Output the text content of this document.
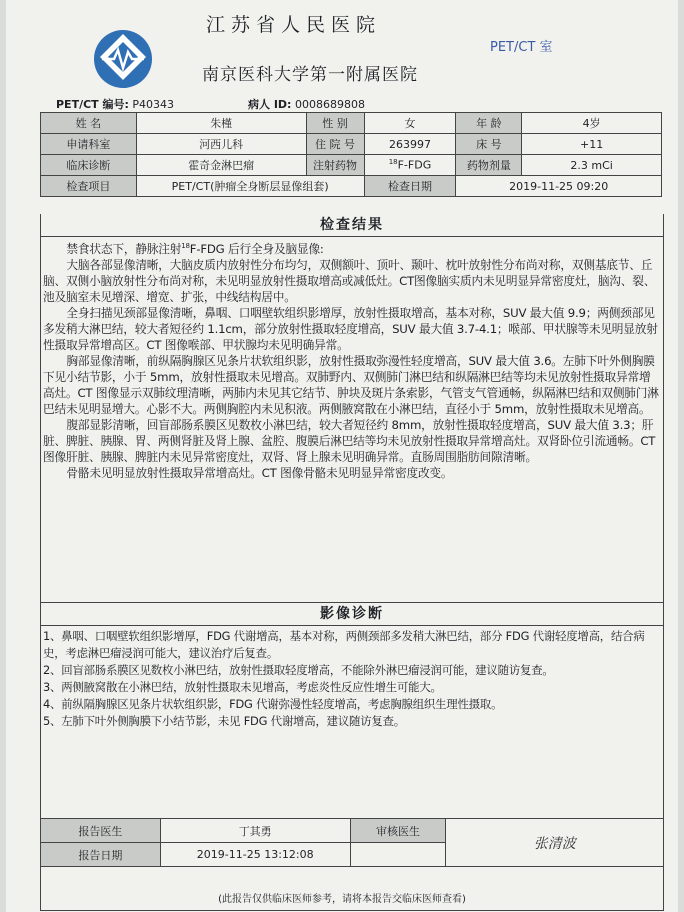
江苏省人民医院
PET/CT 室
南京医科大学第一附属医院
PET/CT 编号: P40343	病人 ID: 0008689808
姓 名	朱槿	性 别	女	年 龄	4岁
申请科室	河西儿科	住 院 号	263997	床 号	+11
临床诊断	霍奇金淋巴瘤	注射药物	$^{18}$F-FDG	药物剂量	2.3 mCi
检查项目	PET/CT(肿瘤全身断层显像组套)		检查日期	2019-11-25 09:20	
检查结果

禁食状态下，静脉注射$^{18}$F-FDG 后行全身及脑显像:

大脑各部显像清晰，大脑皮质内放射性分布均匀，双侧额叶、顶叶、颞叶、枕叶放射性分布尚对称，双侧基底节、丘脑、双侧小脑放射性分布尚对称，未见明显放射性摄取增高或减低灶。CT图像脑实质内未见明显异常密度灶，脑沟、裂、池及脑室未见增深、增宽、扩张，中线结构居中。

全身扫描见颈部显像清晰，鼻咽、口咽壁软组织影增厚，放射性摄取增高，基本对称，SUV 最大值 9.9；两侧颈部见多发稍大淋巴结，较大者短径约 1.1cm，部分放射性摄取轻度增高，SUV 最大值 3.7-4.1；喉部、甲状腺等未见明显放射性摄取异常增高区。CT 图像喉部、甲状腺均未见明确异常。

胸部显像清晰，前纵隔胸腺区见条片状软组织影，放射性摄取弥漫性轻度增高，SUV 最大值 3.6。左肺下叶外侧胸膜下见小结节影，小于 5mm，放射性摄取未见增高。双肺野内、双侧肺门淋巴结和纵隔淋巴结等均未见放射性摄取异常增高灶。CT 图像显示双肺纹理清晰，两肺内未见其它结节、肿块及斑片条索影，气管支气管通畅，纵隔淋巴结和双侧肺门淋巴结未见明显增大。心影不大。两侧胸腔内未见积液。两侧腋窝散在小淋巴结，直径小于 5mm，放射性摄取未见增高。

腹部显影清晰，回盲部肠系膜区见数枚小淋巴结，较大者短径约 8mm，放射性摄取轻度增高，SUV 最大值 3.3；肝脏、脾脏、胰腺、胃、两侧肾脏及肾上腺、盆腔、腹膜后淋巴结等均未见放射性摄取异常增高灶。双肾卧位引流通畅。CT 图像肝脏、胰腺、脾脏内未见异常密度灶，双肾、肾上腺未见明确异常。直肠周围脂肪间隙清晰。

骨骼未见明显放射性摄取异常增高灶。CT 图像骨骼未见明显异常密度改变。

影像诊断

1、鼻咽、口咽壁软组织影增厚，FDG 代谢增高，基本对称，两侧颈部多发稍大淋巴结，部分 FDG 代谢轻度增高，结合病史，考虑淋巴瘤浸润可能大，建议治疗后复查。

2、回盲部肠系膜区见数枚小淋巴结，放射性摄取轻度增高，不能除外淋巴瘤浸润可能，建议随访复查。

3、两侧腋窝散在小淋巴结，放射性摄取未见增高，考虑炎性反应性增生可能大。

4、前纵隔胸腺区见条片状软组织影，FDG 代谢弥漫性轻度增高，考虑胸腺组织生理性摄取。

5、左肺下叶外侧胸膜下小结节影，未见 FDG 代谢增高，建议随访复查。

报告医生	丁其勇	审核医生	张清波
报告日期	2019-11-25 13:12:08		
(此报告仅供临床医师参考，请将本报告交临床医师查看)
